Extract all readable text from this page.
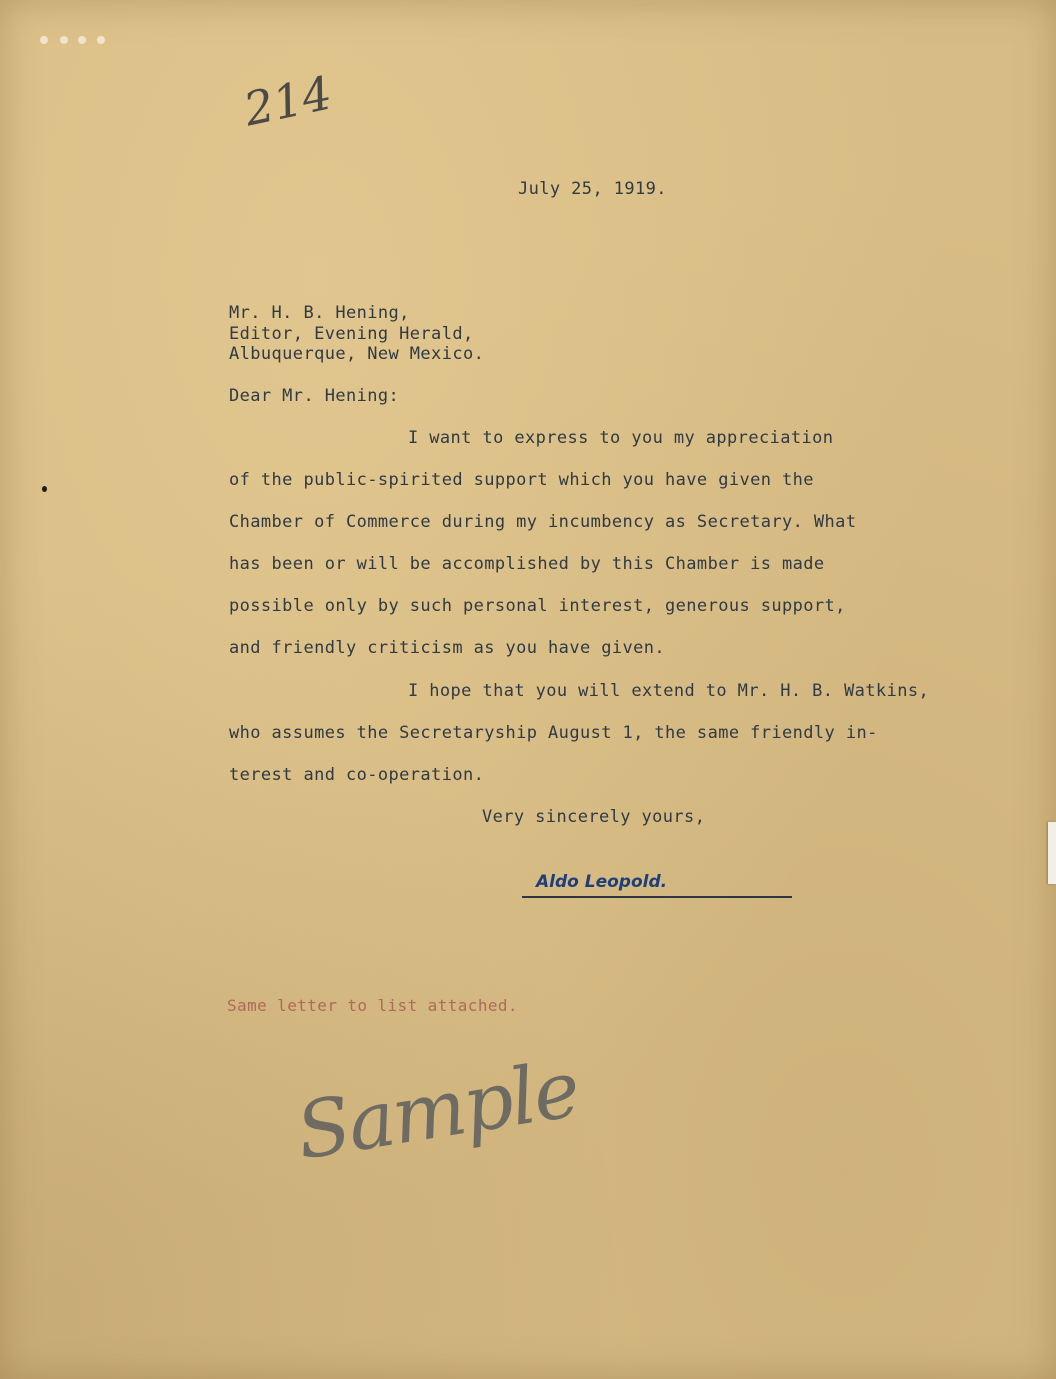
214
July 25, 1919.
Mr. H. B. Hening,
Editor, Evening Herald,
Albuquerque, New Mexico.
Dear Mr. Hening:
I want to express to you my appreciation
of the public-spirited support which you have given the
Chamber of Commerce during my incumbency as Secretary. What
has been or will be accomplished by this Chamber is made
possible only by such personal interest, generous support,
and friendly criticism as you have given.
I hope that you will extend to Mr. H. B. Watkins,
who assumes the Secretaryship August 1, the same friendly in-
terest and co-operation.
Very sincerely yours,
Aldo Leopold.
Same letter to list attached.
Sample
